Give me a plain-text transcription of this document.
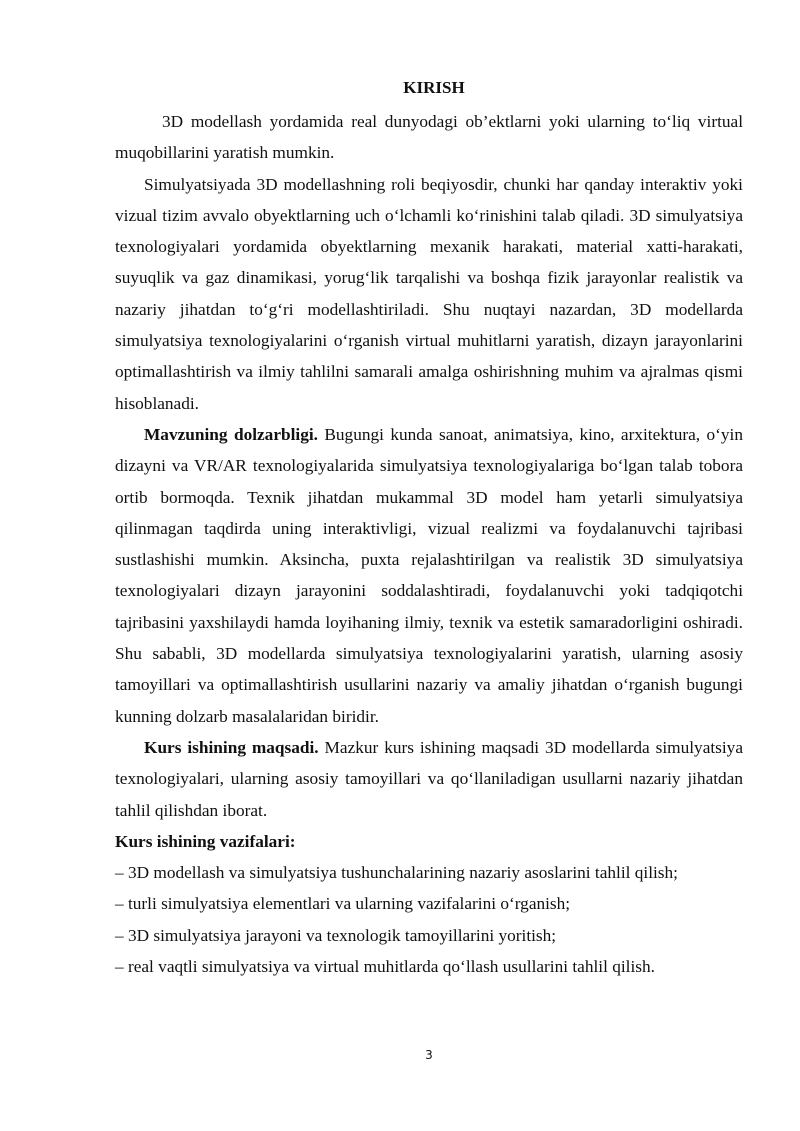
KIRISH

3D modellash yordamida real dunyodagi ob’ektlarni yoki ularning to‘liq virtual muqobillarini yaratish mumkin.

Simulyatsiyada 3D modellashning roli beqiyosdir, chunki har qanday interaktiv yoki vizual tizim avvalo obyektlarning uch o‘lchamli ko‘rinishini talab qiladi. 3D simulyatsiya texnologiyalari yordamida obyektlarning mexanik harakati, material xatti-harakati, suyuqlik va gaz dinamikasi, yorug‘lik tarqalishi va boshqa fizik jarayonlar realistik va nazariy jihatdan to‘g‘ri modellashtiriladi. Shu nuqtayi nazardan, 3D modellarda simulyatsiya texnologiyalarini o‘rganish virtual muhitlarni yaratish, dizayn jarayonlarini optimallashtirish va ilmiy tahlilni samarali amalga oshirishning muhim va ajralmas qismi hisoblanadi.

Mavzuning dolzarbligi. Bugungi kunda sanoat, animatsiya, kino, arxitektura, o‘yin dizayni va VR/AR texnologiyalarida simulyatsiya texnologiyalariga bo‘lgan talab tobora ortib bormoqda. Texnik jihatdan mukammal 3D model ham yetarli simulyatsiya qilinmagan taqdirda uning interaktivligi, vizual realizmi va foydalanuvchi tajribasi sustlashishi mumkin. Aksincha, puxta rejalashtirilgan va realistik 3D simulyatsiya texnologiyalari dizayn jarayonini soddalashtiradi, foydalanuvchi yoki tadqiqotchi tajribasini yaxshilaydi hamda loyihaning ilmiy, texnik va estetik samaradorligini oshiradi. Shu sababli, 3D modellarda simulyatsiya texnologiyalarini yaratish, ularning asosiy tamoyillari va optimallashtirish usullarini nazariy va amaliy jihatdan o‘rganish bugungi kunning dolzarb masalalaridan biridir.

Kurs ishining maqsadi. Mazkur kurs ishining maqsadi 3D modellarda simulyatsiya texnologiyalari, ularning asosiy tamoyillari va qo‘llaniladigan usullarni nazariy jihatdan tahlil qilishdan iborat.

Kurs ishining vazifalari:

– 3D modellash va simulyatsiya tushunchalarining nazariy asoslarini tahlil qilish;
– turli simulyatsiya elementlari va ularning vazifalarini o‘rganish;
– 3D simulyatsiya jarayoni va texnologik tamoyillarini yoritish;
– real vaqtli simulyatsiya va virtual muhitlarda qo‘llash usullarini tahlil qilish.
3
